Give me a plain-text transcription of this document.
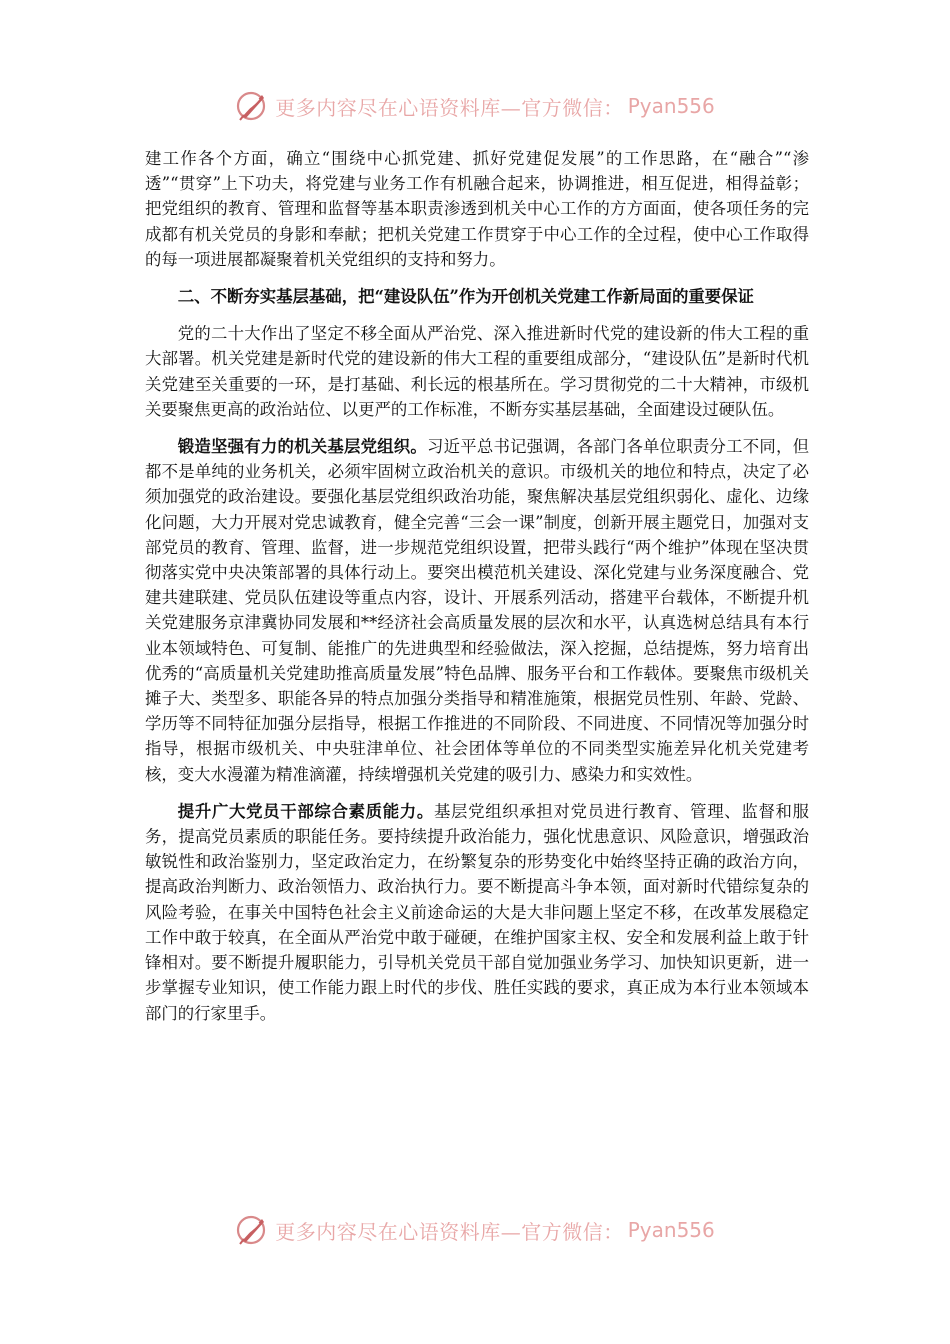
更多内容尽在心语资料库—官方微信： Pyan556

建工作各个方面，确立“围绕中心抓党建、抓好党建促发展”的工作思路，在“融合”“渗透”“贯穿”上下功夫，将党建与业务工作有机融合起来，协调推进，相互促进，相得益彰；把党组织的教育、管理和监督等基本职责渗透到机关中心工作的方方面面，使各项任务的完成都有机关党员的身影和奉献；把机关党建工作贯穿于中心工作的全过程，使中心工作取得的每一项进展都凝聚着机关党组织的支持和努力。

二、不断夯实基层基础，把“建设队伍”作为开创机关党建工作新局面的重要保证

党的二十大作出了坚定不移全面从严治党、深入推进新时代党的建设新的伟大工程的重大部署。机关党建是新时代党的建设新的伟大工程的重要组成部分，“建设队伍”是新时代机关党建至关重要的一环，是打基础、利长远的根基所在。学习贯彻党的二十大精神，市级机关要聚焦更高的政治站位、以更严的工作标准，不断夯实基层基础，全面建设过硬队伍。

锻造坚强有力的机关基层党组织。习近平总书记强调，各部门各单位职责分工不同，但都不是单纯的业务机关，必须牢固树立政治机关的意识。市级机关的地位和特点，决定了必须加强党的政治建设。要强化基层党组织政治功能，聚焦解决基层党组织弱化、虚化、边缘化问题，大力开展对党忠诚教育，健全完善“三会一课”制度，创新开展主题党日，加强对支部党员的教育、管理、监督，进一步规范党组织设置，把带头践行“两个维护”体现在坚决贯彻落实党中央决策部署的具体行动上。要突出模范机关建设、深化党建与业务深度融合、党建共建联建、党员队伍建设等重点内容，设计、开展系列活动，搭建平台载体，不断提升机关党建服务京津冀协同发展和**经济社会高质量发展的层次和水平，认真选树总结具有本行业本领域特色、可复制、能推广的先进典型和经验做法，深入挖掘，总结提炼，努力培育出优秀的“高质量机关党建助推高质量发展”特色品牌、服务平台和工作载体。要聚焦市级机关摊子大、类型多、职能各异的特点加强分类指导和精准施策，根据党员性别、年龄、党龄、学历等不同特征加强分层指导，根据工作推进的不同阶段、不同进度、不同情况等加强分时指导，根据市级机关、中央驻津单位、社会团体等单位的不同类型实施差异化机关党建考核，变大水漫灌为精准滴灌，持续增强机关党建的吸引力、感染力和实效性。

提升广大党员干部综合素质能力。基层党组织承担对党员进行教育、管理、监督和服务，提高党员素质的职能任务。要持续提升政治能力，强化忧患意识、风险意识，增强政治敏锐性和政治鉴别力，坚定政治定力，在纷繁复杂的形势变化中始终坚持正确的政治方向，提高政治判断力、政治领悟力、政治执行力。要不断提高斗争本领，面对新时代错综复杂的风险考验，在事关中国特色社会主义前途命运的大是大非问题上坚定不移，在改革发展稳定工作中敢于较真，在全面从严治党中敢于碰硬，在维护国家主权、安全和发展利益上敢于针锋相对。要不断提升履职能力，引导机关党员干部自觉加强业务学习、加快知识更新，进一步掌握专业知识，使工作能力跟上时代的步伐、胜任实践的要求，真正成为本行业本领域本部门的行家里手。

更多内容尽在心语资料库—官方微信： Pyan556
